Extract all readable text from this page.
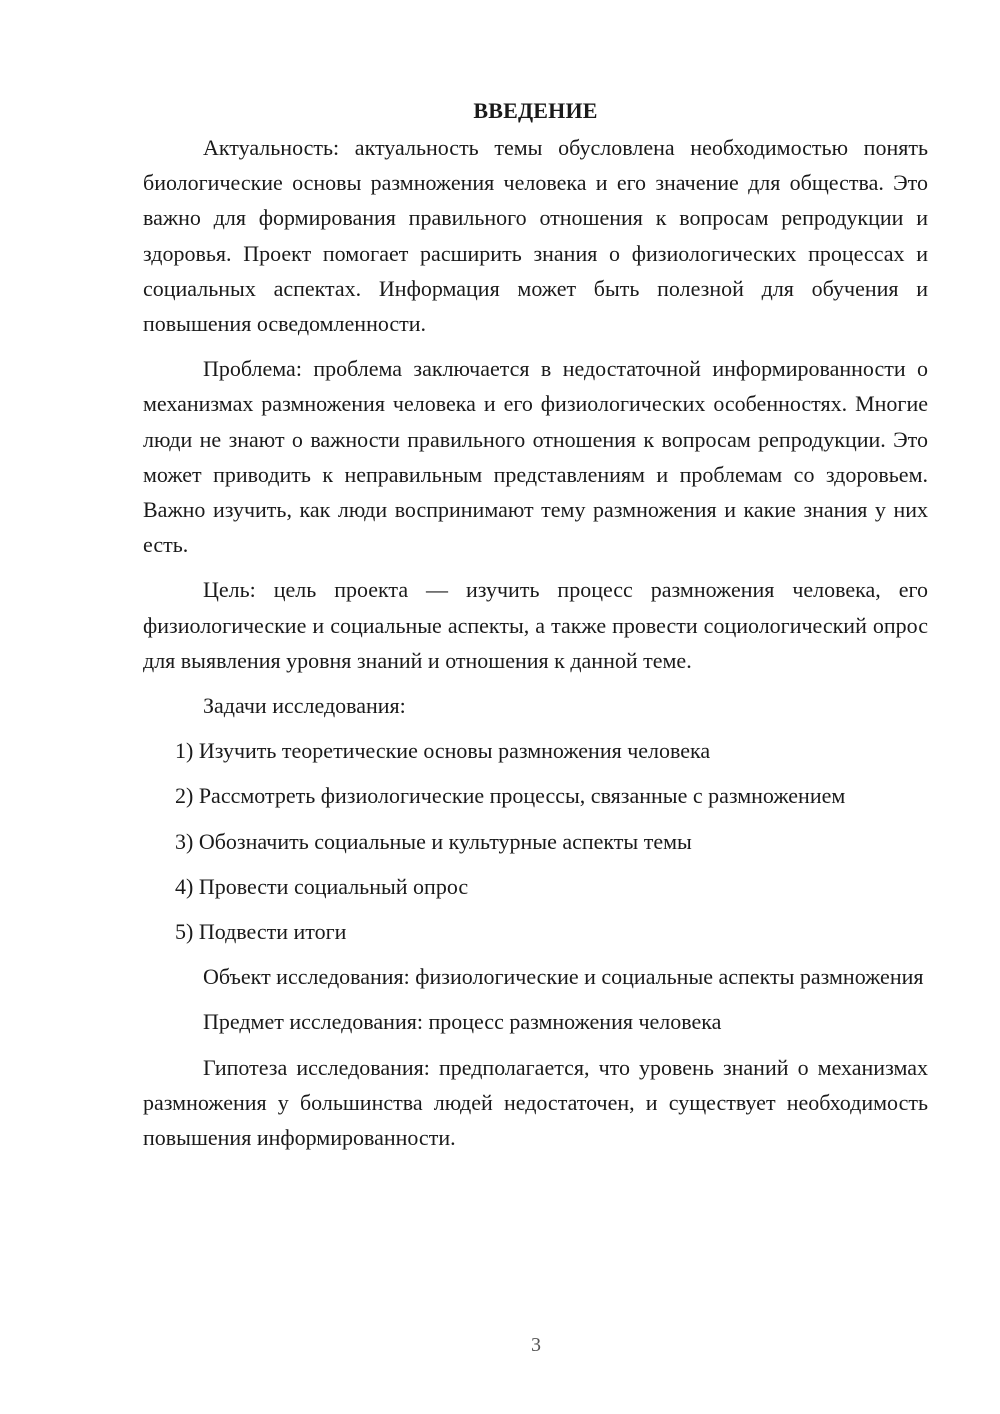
ВВЕДЕНИЕ

Актуальность: актуальность темы обусловлена необходимостью понять биологические основы размножения человека и его значение для общества. Это важно для формирования правильного отношения к вопросам репродукции и здоровья. Проект помогает расширить знания о физиологических процессах и социальных аспектах. Информация может быть полезной для обучения и повышения осведомленности.

Проблема: проблема заключается в недостаточной информированности о механизмах размножения человека и его физиологических особенностях. Многие люди не знают о важности правильного отношения к вопросам репродукции. Это может приводить к неправильным представлениям и проблемам со здоровьем. Важно изучить, как люди воспринимают тему размножения и какие знания у них есть.

Цель: цель проекта — изучить процесс размножения человека, его физиологические и социальные аспекты, а также провести социологический опрос для выявления уровня знаний и отношения к данной теме.

Задачи исследования:

1) Изучить теоретические основы размножения человека
2) Рассмотреть физиологические процессы, связанные с размножением
3) Обозначить социальные и культурные аспекты темы
4) Провести социальный опрос
5) Подвести итоги

Объект исследования: физиологические и социальные аспекты размножения

Предмет исследования: процесс размножения человека

Гипотеза исследования: предполагается, что уровень знаний о механизмах размножения у большинства людей недостаточен, и существует необходимость повышения информированности.

3
